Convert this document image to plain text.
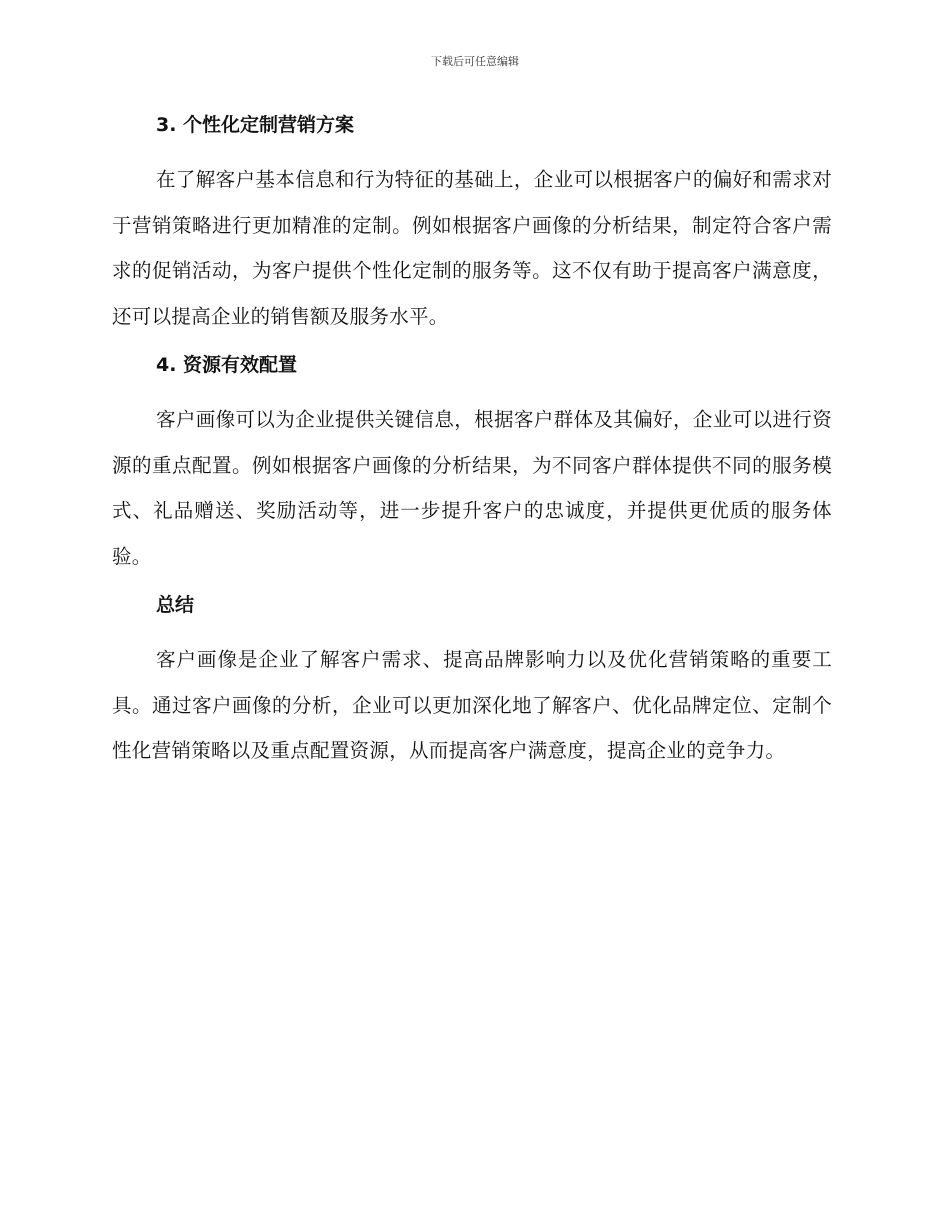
下载后可任意编辑
3. 个性化定制营销方案

在了解客户基本信息和行为特征的基础上，企业可以根据客户的偏好和需求对于营销策略进行更加精准的定制。例如根据客户画像的分析结果，制定符合客户需求的促销活动，为客户提供个性化定制的服务等。这不仅有助于提高客户满意度，还可以提高企业的销售额及服务水平。

4. 资源有效配置

客户画像可以为企业提供关键信息，根据客户群体及其偏好，企业可以进行资源的重点配置。例如根据客户画像的分析结果，为不同客户群体提供不同的服务模式、礼品赠送、奖励活动等，进一步提升客户的忠诚度，并提供更优质的服务体验。

总结

客户画像是企业了解客户需求、提高品牌影响力以及优化营销策略的重要工具。通过客户画像的分析，企业可以更加深化地了解客户、优化品牌定位、定制个性化营销策略以及重点配置资源，从而提高客户满意度，提高企业的竞争力。
